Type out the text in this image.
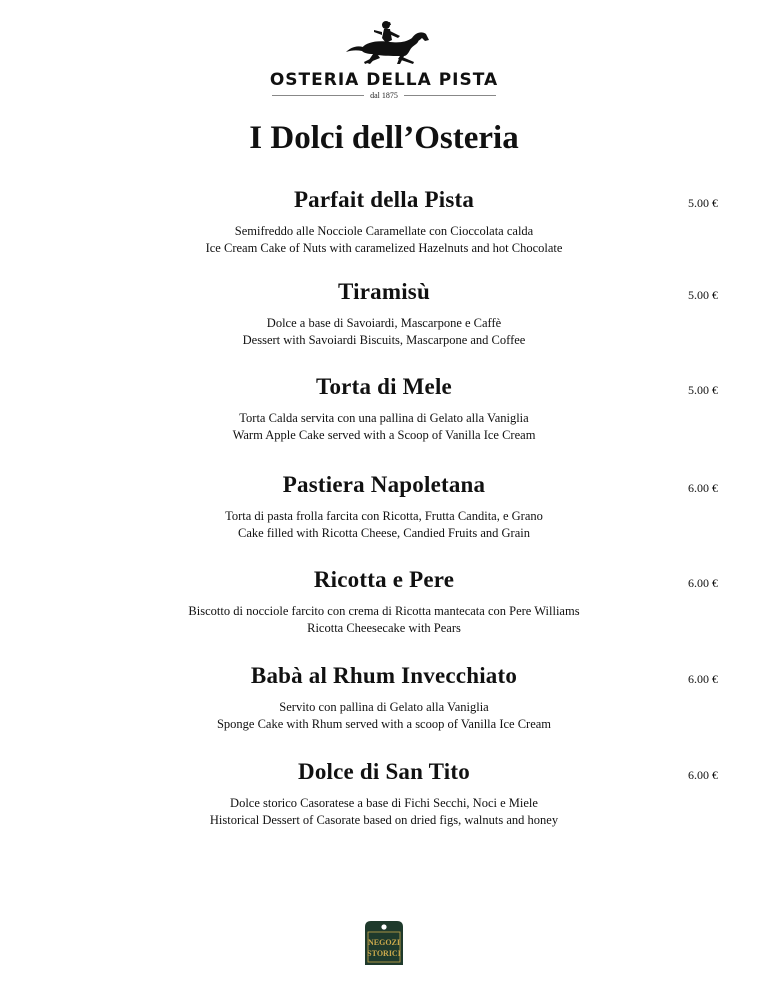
OSTERIA DELLA PISTA
dal 1875
I Dolci dell’Osteria
Parfait della Pista	5.00 €
Semifreddo alle Nocciole Caramellate con Cioccolata calda
Ice Cream Cake of Nuts with caramelized Hazelnuts and hot Chocolate
Tiramisù	5.00 €
Dolce a base di Savoiardi, Mascarpone e Caffè
Dessert with Savoiardi Biscuits, Mascarpone and Coffee
Torta di Mele	5.00 €
Torta Calda servita con una pallina di Gelato alla Vaniglia
Warm Apple Cake served with a Scoop of Vanilla Ice Cream
Pastiera Napoletana	6.00 €
Torta di pasta frolla farcita con Ricotta, Frutta Candita, e Grano
Cake filled with Ricotta Cheese, Candied Fruits and Grain
Ricotta e Pere	6.00 €
Biscotto di nocciole farcito con crema di Ricotta mantecata con Pere Williams
Ricotta Cheesecake with Pears
Babà al Rhum Invecchiato	6.00 €
Servito con pallina di Gelato alla Vaniglia
Sponge Cake with Rhum served with a scoop of Vanilla Ice Cream
Dolce di San Tito	6.00 €
Dolce storico Casoratese a base di Fichi Secchi, Noci e Miele
Historical Dessert of Casorate based on dried figs, walnuts and honey
NEGOZI
STORICI
